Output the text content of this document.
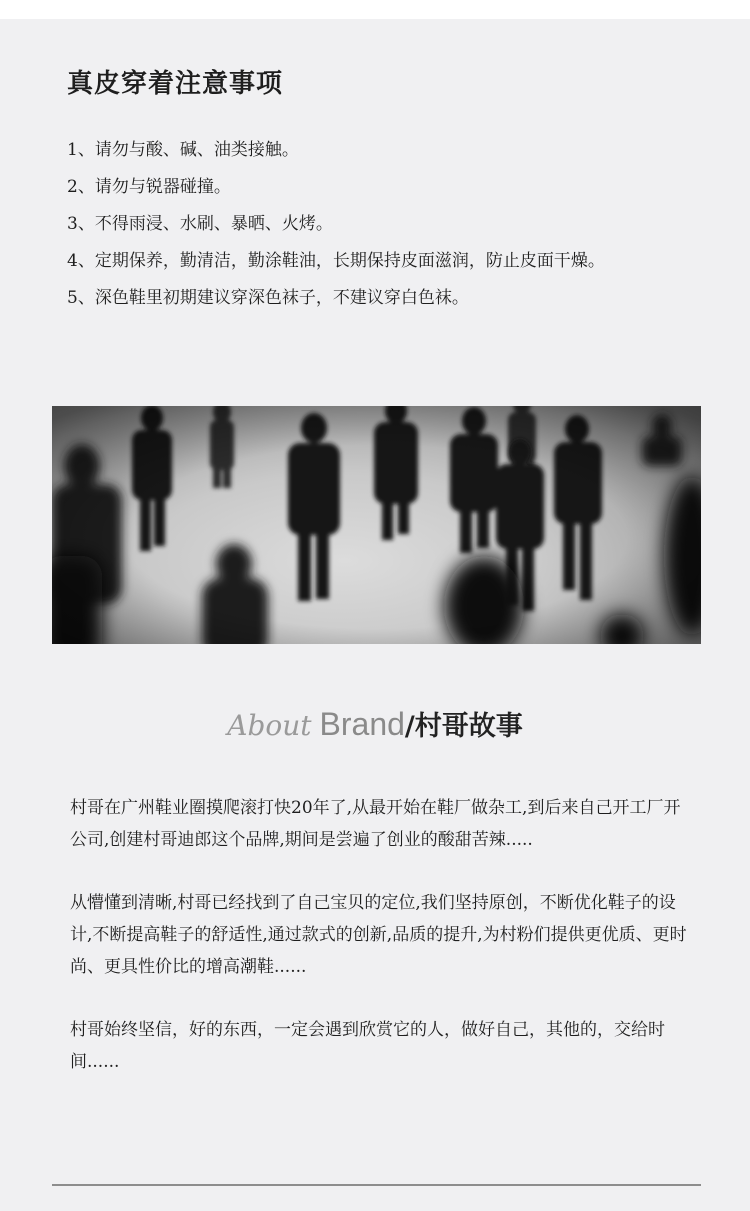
真皮穿着注意事项
1、请勿与酸、碱、油类接触。
2、请勿与锐器碰撞。
3、不得雨浸、水刷、暴晒、火烤。
4、定期保养，勤清洁，勤涂鞋油，长期保持皮面滋润，防止皮面干燥。
5、深色鞋里初期建议穿深色袜子，不建议穿白色袜。
About Brand/村哥故事

村哥在广州鞋业圈摸爬滚打快20年了,从最开始在鞋厂做杂工,到后来自己开工厂开公司,创建村哥迪郎这个品牌,期间是尝遍了创业的酸甜苦辣.....

从懵懂到清晰,村哥已经找到了自己宝贝的定位,我们坚持原创，不断优化鞋子的设计,不断提高鞋子的舒适性,通过款式的创新,品质的提升,为村粉们提供更优质、更时尚、更具性价比的增高潮鞋......

村哥始终坚信，好的东西，一定会遇到欣赏它的人，做好自己，其他的，交给时间......
